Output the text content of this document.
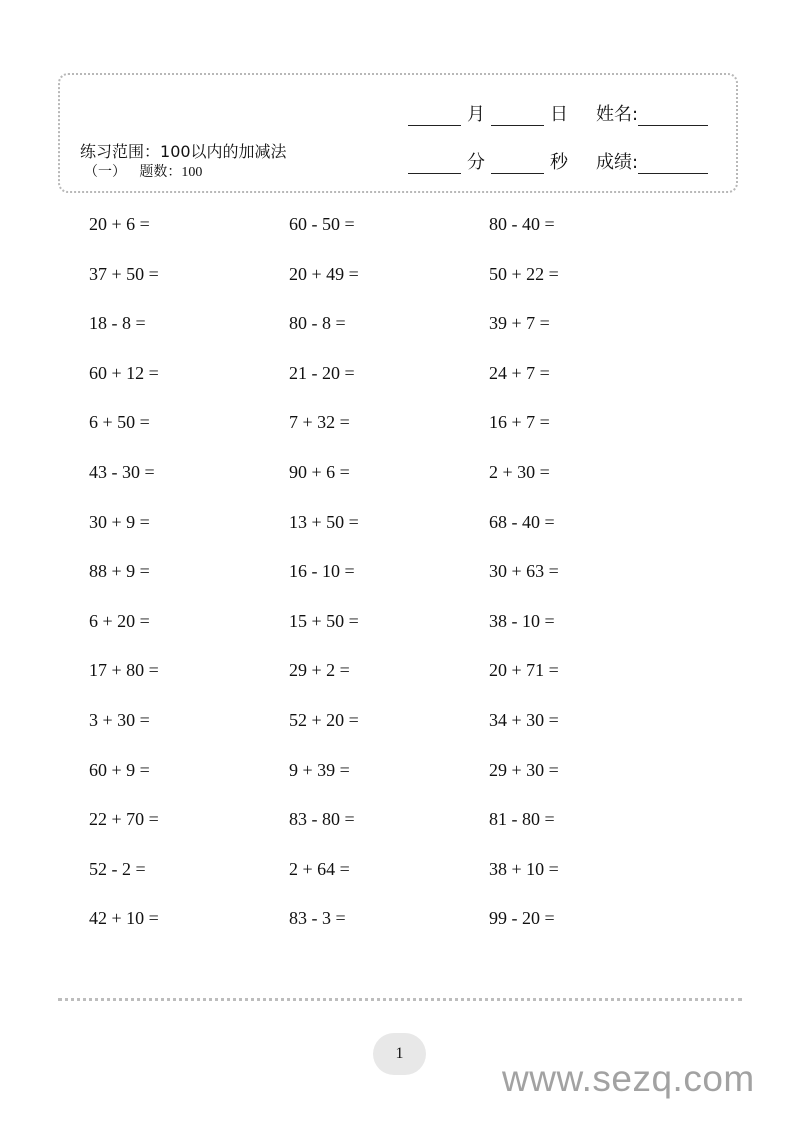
练习范围：100以内的加减法
（一） 题数：100
月	日 姓名:
分	秒 成绩:
20 + 6 =	60 - 50 =	80 - 40 =
37 + 50 =	20 + 49 =	50 + 22 =
18 - 8 =	80 - 8 =	39 + 7 =
60 + 12 =	21 - 20 =	24 + 7 =
6 + 50 =	7 + 32 =	16 + 7 =
43 - 30 =	90 + 6 =	2 + 30 =
30 + 9 =	13 + 50 =	68 - 40 =
88 + 9 =	16 - 10 =	30 + 63 =
6 + 20 =	15 + 50 =	38 - 10 =
17 + 80 =	29 + 2 =	20 + 71 =
3 + 30 =	52 + 20 =	34 + 30 =
60 + 9 =	9 + 39 =	29 + 30 =
22 + 70 =	83 - 80 =	81 - 80 =
52 - 2 =	2 + 64 =	38 + 10 =
42 + 10 =	83 - 3 =	99 - 20 =
1
www.sezq.com
